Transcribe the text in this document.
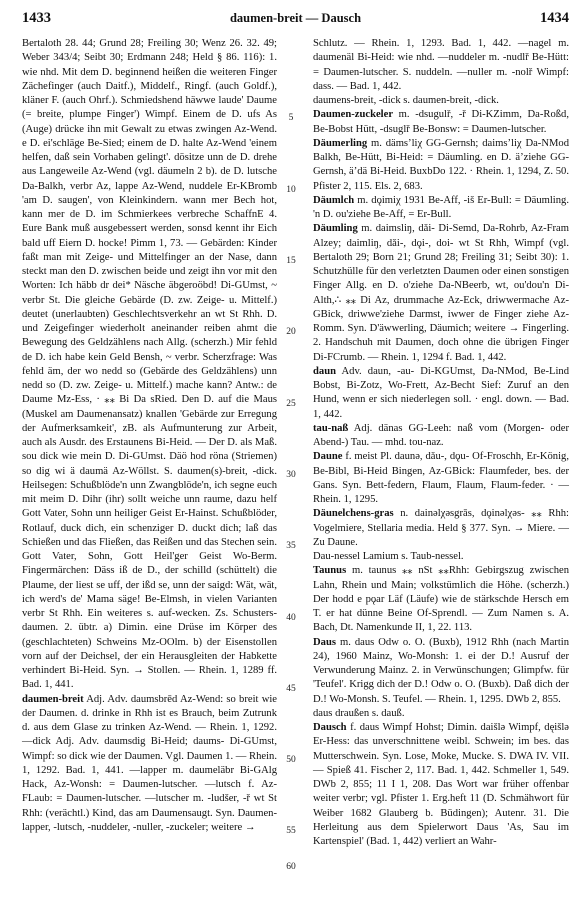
1433	daumen-breit — Dausch	1434

Bertaloth 28. 44; Grund 28; Freiling 30; Wenz 26. 32. 49; Weber 343/4; Seibt 30; Erdmann 248; Held § 86. 116): 1. wie nhd. Mit dem D. beginnend heißen die weiteren Finger Zächefinger (auch Daitf.), Middelf., Ringf. (auch Goldf.), kläner F. (auch Ohrf.). Schmiedshend häwwe laude' Daume (= breite, plumpe Finger') Wimpf. Einem de D. ufs As (Auge) drücke ihn mit Gewalt zu etwas zwingen Az-Wend. e D. ei'schläge Be-Sied; einem de D. halte Az-Wend 'einem helfen, daß sein Vorhaben gelingt'. dösitze unn de D. drehe aus Langeweile Az-Wend (vgl. däumeln 2 b). de D. lutsche Da-Balkh, verbr Az, lappe Az-Wend, nuddele Er-KBromb 'am D. saugen', von Kleinkindern. wann mer Bech hot, kann mer de D. im Schmierkees verbreche SchaffnE 4. Eure Bank muß ausgebessert werden, sonsd kennt ihr Eich bald uff Eiern D. hocke! Pimm 1, 73. — Gebärden: Kinder faßt man mit Zeige- und Mittelfinger an der Nase, dann steckt man den D. zwischen beide und zeigt ihn vor mit den Worten: Ich häbb dr dei* Näsche äbgeroöbd! Di-GUmst, ~ verbr St. Die gleiche Gebärde (D. zw. Zeige- u. Mittelf.) deutet (unerlaubten) Geschlechtsverkehr an wt St Rhh. D. und Zeigefinger wiederholt aneinander reiben ahmt die Bewegung des Geldzählens nach Allg. (scherzh.) Mir fehld de D. ich habe kein Geld Bensh, ~ verbr. Scherzfrage: Was fehld äm, der wo nedd so (Gebärde des Geldzählens) unn nedd so (D. zw. Zeige- u. Mittelf.) mache kann? Antw.: de Daume Mz-Ess, · ⁎⁎ Bi Da sRied. Den D. auf die Maus (Muskel am Daumenansatz) knallen 'Gebärde zur Erregung der Aufmerksamkeit', zB. als Aufmunterung zur Arbeit, auch als Ausdr. des Erstaunens Bi-Heid. — Der D. als Maß. sou dick wie mein D. Di-GUmst. Däö hod röna (Striemen) so dig wi ä daumä Az-Wöllst. S. daumen(s)-breit, -dick. Heilsegen: Schußblöde'n unn Zwangblöde'n, ich segne euch mit meim D. Dihr (ihr) sollt weiche unn raume, dazu helf Gott Vater, Sohn unn heiliger Geist Er-Hainst. Schußblöder, Rotlauf, duck dich, ein schenziger D. duckt dich; laß das Schießen und das Fließen, das Reißen und das Stechen sein. Gott Vater, Sohn, Gott Heil'ger Geist Wo-Berm. Fingermärchen: Däss iß de D., der schilld (schüttelt) die Plaume, der liest se uff, der ißd se, unn der saigd: Wät, wät, ich werd's de' Mama säge! Be-Elmsh, in vielen Varianten verbr St Rhh. Ein weiteres s. auf-wecken. Zs. Schusters-daumen. 2. übtr. a) Dimin. eine Drüse im Körper des (geschlachteten) Schweins Mz-OOlm. b) der Eisenstollen vorn auf der Deichsel, der ein Herausgleiten der Habkette verhindert Bi-Heid. Syn. → Stollen. — Rhein. 1, 1289 ff. Bad. 1, 441.

daumen-breit Adj. Adv. daumsbrēd Az-Wend: so breit wie der Daumen. d. drinke in Rhh ist es Brauch, beim Zutrunk d. aus dem Glase zu trinken Az-Wend. — Rhein. 1, 1292. —dick Adj. Adv. daumsdig Bi-Heid; daums- Di-GUmst, Wimpf: so dick wie der Daumen. Vgl. Daumen 1. — Rhein. 1, 1292. Bad. 1, 441. —lapper m. daumeläbr Bi-GAlg Hack, Az-Wonsh: = Daumen-lutscher. —lutsch f. Az-FLaub: = Daumen-lutscher. —lutscher m. -ludšer, -ř wt St Rhh: (verächtl.) Kind, das am Daumensaugt. Syn. Daumen- lapper, -lutsch, -nuddeler, -nuller, -zuckeler; weitere →

Schlutz. — Rhein. 1, 1293. Bad. 1, 442. —nagel m. daumenäl Bi-Heid: wie nhd. —nuddeler m. -nudlř Be-Hütt: = Daumen-lutscher. S. nuddeln. —nuller m. -nolř Wimpf: dass. — Bad. 1, 442.

daumens-breit, -dick s. daumen-breit, -dick.

Daumen-zuckeler m. -dsugulř, -ř Di-KZimm, Da-Roßd, Be-Bobst Hütt, -dsuglř Be-Bonsw: = Daumen-lutscher.

Däumerling m. dämsʼliχ GG-Gernsh; daimsʼliχ Da-NMod Balkh, Be-Hütt, Bi-Heid: = Däumling. en D. äʼziehe GG-Gernsh, äʼdä Bi-Heid. BuxbDo 122. · Rhein. 1, 1294, Z. 50. Pfister 2, 115. Els. 2, 683.

Däumlch m. dǫimiχ 1931 Be-Aff, -iš Er-Bull: = Däumling. 'n D. ou'ziehe Be-Aff, = Er-Bull.

Däumling m. daimsliŋ, dǎi- Di-Semd, Da-Rohrb, Az-Fram Alzey; daimliŋ, dǎi-, dǫi-, doi- wt St Rhh, Wimpf (vgl. Bertaloth 29; Born 21; Grund 28; Freiling 31; Seibt 30): 1. Schutzhülle für den verletzten Daumen oder einen sonstigen Finger Allg. en D. o'ziehe Da-NBeerb, wt, ou'dou'n Di-Alth,∴ ⁎⁎ Di Az, drummache Az-Eck, driwwermache Az-GBick, driwwe'ziehe Darmst, iwwer de Finger ziehe Az-Romm. Syn. D'äwwerling, Däumich; weitere → Fingerling. 2. Handschuh mit Daumen, doch ohne die übrigen Finger Di-FCrumb. — Rhein. 1, 1294 f. Bad. 1, 442.

daun Adv. daun, -au- Di-KGUmst, Da-NMod, Be-Lind Bobst, Bi-Zotz, Wo-Frett, Az-Becht Sief: Zuruf an den Hund, wenn er sich niederlegen soll. · engl. down. — Bad. 1, 442.

tau-naß Adj. dänas GG-Leeh: naß vom (Morgen- oder Abend-) Tau. — mhd. tou-naz.

Daune f. meist Pl. daunǝ, dǎu-, dǫu- Of-Froschh, Er-König, Be-Bibl, Bi-Heid Bingen, Az-GBick: Flaumfeder, bes. der Gans. Syn. Bett-federn, Flaum, Flaum, Flaum-feder. · — Rhein. 1, 1295.

Däunelchens-gras n. dainǝlχǝsgrās, dǫinǝlχǝs- ⁎⁎ Rhh: Vogelmiere, Stellaria media. Held § 377. Syn. → Miere. — Zu Daune.

Dau-nessel Lamium s. Taub-nessel.

Taunus m. taunus ⁎⁎ nSt ⁎⁎Rhh: Gebirgszug zwischen Lahn, Rhein und Main; volkstümlich die Höhe. (scherzh.) Der hodd e pǫar Läf (Läufe) wie de stärkschde Hersch em T. er hat dünne Beine Of-Sprendl. — Zum Namen s. A. Bach, Dt. Namenkunde II, 1, 22. 113.

Daus m. daus Odw o. O. (Buxb), 1912 Rhh (nach Martin 24), 1960 Mainz, Wo-Monsh: 1. ei der D.! Ausruf der Verwunderung Mainz. 2. in Verwünschungen; Glimpfw. für 'Teufel'. Krigg dich der D.! Odw o. O. (Buxb). Daß dich der D.! Wo-Monsh. S. Teufel. — Rhein. 1, 1295. DWb 2, 855.

daus draußen s. dauß.

Dausch f. daus Wimpf Hohst; Dimin. daišlǝ Wimpf, dęišlǝ Er-Hess: das unverschnittene weibl. Schwein; im bes. das Mutterschwein. Syn. Lose, Moke, Mucke. S. DWA IV. VII. — Spieß 41. Fischer 2, 117. Bad. 1, 442. Schmeller 1, 549. DWb 2, 855; 11 I 1, 208. Das Wort war früher offenbar weiter verbr; vgl. Pfister 1. Erg.heft 11 (D. Schmähwort für Weiber 1682 Glauberg b. Büdingen); Autenr. 31. Die Herleitung aus dem Spielerwort Daus 'As, Sau im Kartenspiel' (Bad. 1, 442) verliert an Wahr-

5
10
15
20
25
30
35
40
45
50
55
60
